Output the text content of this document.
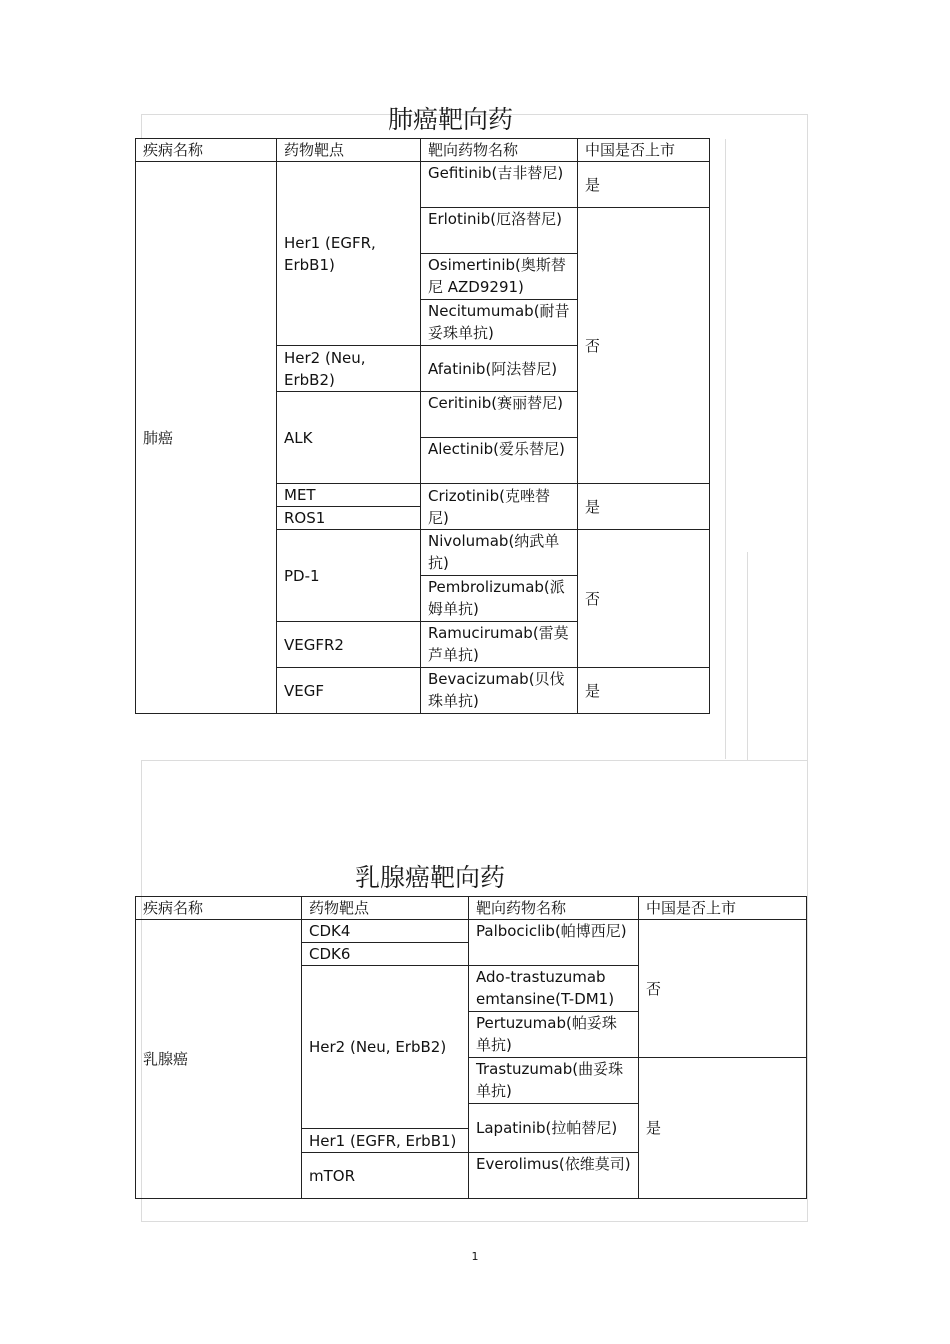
肺癌靶向药
疾病名称	药物靶点	靶向药物名称	中国是否上市
肺癌	Her1 (EGFR, ErbB1)	Gefitinib(吉非替尼)	是
		Erlotinib(厄洛替尼)	否
		Osimertinib(奥斯替尼 AZD9291)	
		Necitumumab(耐昔妥珠单抗)	
	Her2 (Neu, ErbB2)	Afatinib(阿法替尼)	
	ALK	Ceritinib(赛丽替尼)	
		Alectinib(爱乐替尼)	
	MET	Crizotinib(克唑替尼)	是
	ROS1		
	PD-1	Nivolumab(纳武单抗)	否
		Pembrolizumab(派姆单抗)	
	VEGFR2	Ramucirumab(雷莫芦单抗)	
	VEGF	Bevacizumab(贝伐珠单抗)	是
乳腺癌靶向药
疾病名称	药物靶点	靶向药物名称	中国是否上市
乳腺癌	CDK4	Palbociclib(帕博西尼)	否
	CDK6		
	Her2 (Neu, ErbB2)	Ado-trastuzumab emtansine(T-DM1)	
		Pertuzumab(帕妥珠单抗)	
		Trastuzumab(曲妥珠单抗)	是
		Lapatinib(拉帕替尼)	
	Her1 (EGFR, ErbB1)		
	mTOR	Everolimus(依维莫司)	
1
